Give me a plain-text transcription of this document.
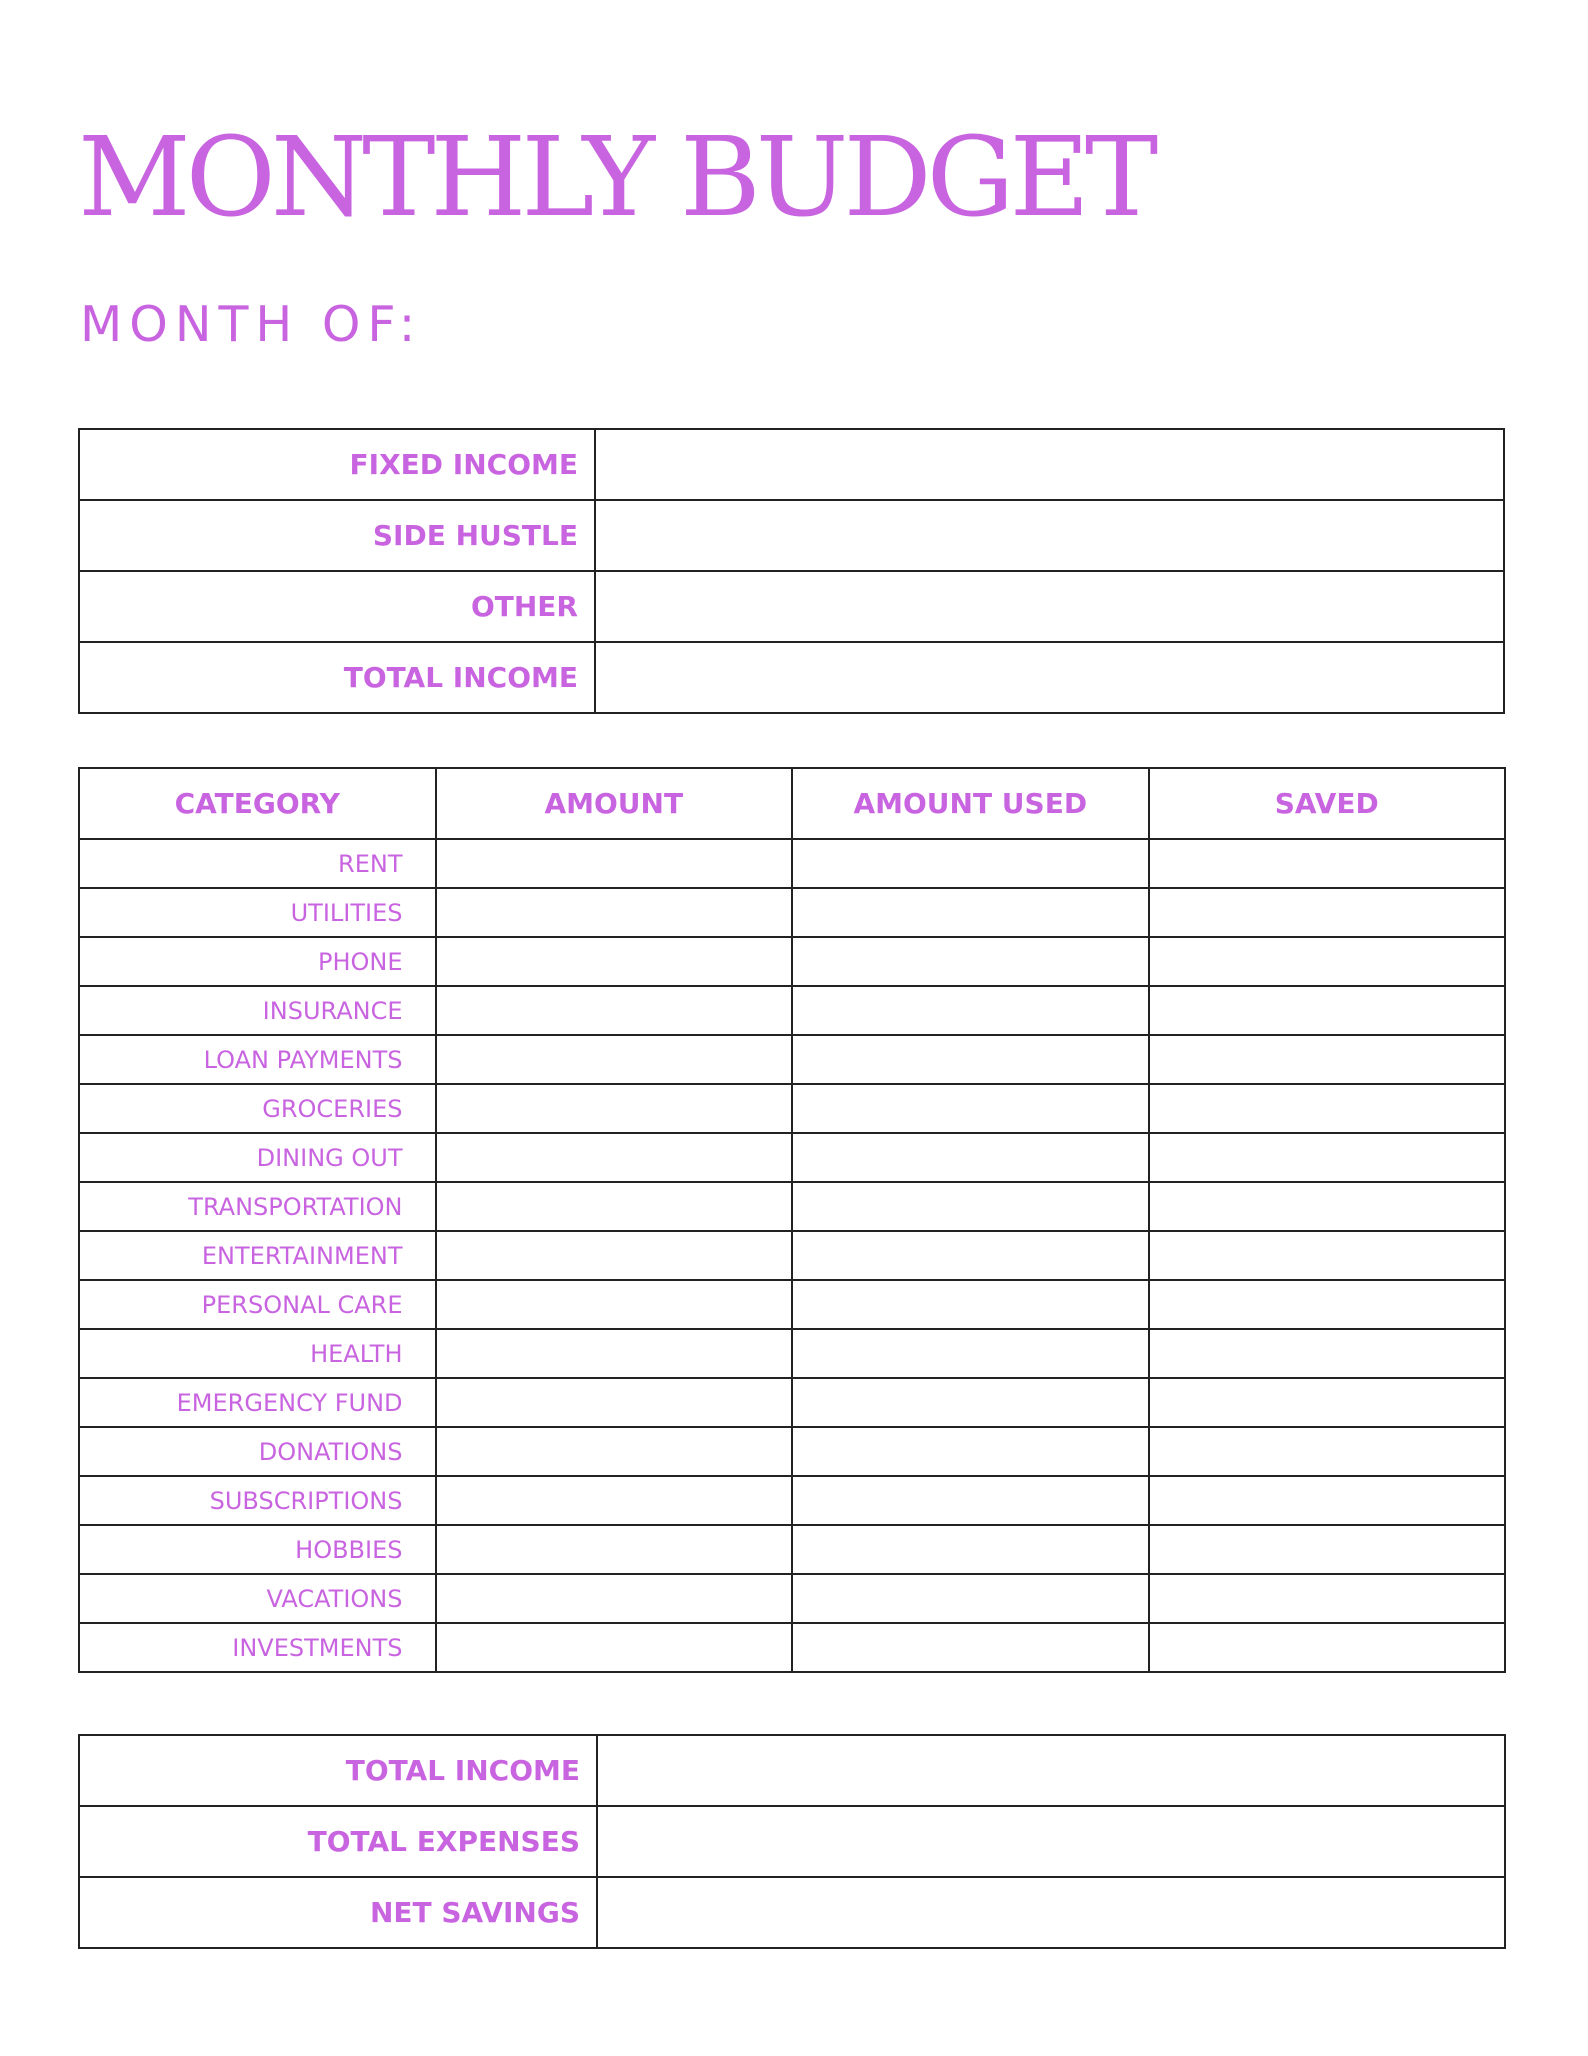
MONTHLY BUDGET
MONTH OF:
FIXED INCOME	
SIDE HUSTLE	
OTHER	
TOTAL INCOME	
CATEGORY	AMOUNT	AMOUNT USED	SAVED
RENT			
UTILITIES			
PHONE			
INSURANCE			
LOAN PAYMENTS			
GROCERIES			
DINING OUT			
TRANSPORTATION			
ENTERTAINMENT			
PERSONAL CARE			
HEALTH			
EMERGENCY FUND			
DONATIONS			
SUBSCRIPTIONS			
HOBBIES			
VACATIONS			
INVESTMENTS			
TOTAL INCOME	
TOTAL EXPENSES	
NET SAVINGS	
